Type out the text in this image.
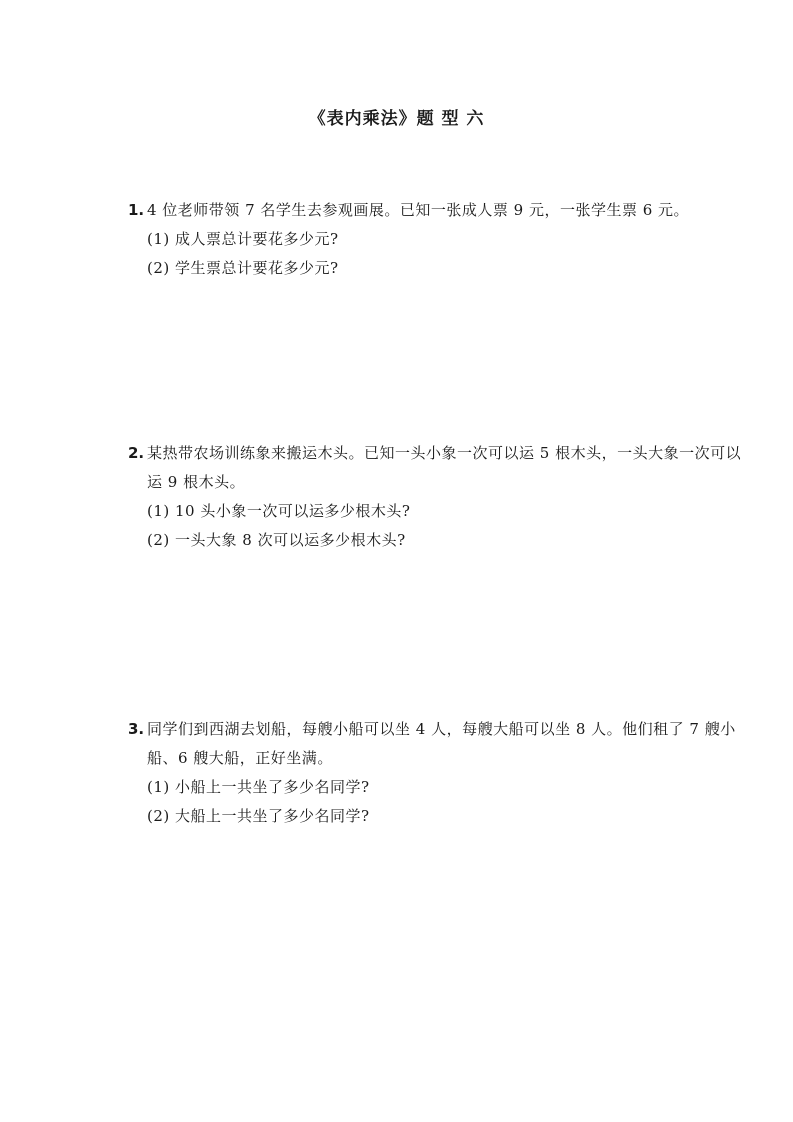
《表内乘法》题 型 六
1. 4 位老师带领 7 名学生去参观画展。已知一张成人票 9 元，一张学生票 6 元。
(1) 成人票总计要花多少元?
(2) 学生票总计要花多少元?
2. 某热带农场训练象来搬运木头。已知一头小象一次可以运 5 根木头，一头大象一次可以运 9 根木头。
(1) 10 头小象一次可以运多少根木头?
(2) 一头大象 8 次可以运多少根木头?
3. 同学们到西湖去划船，每艘小船可以坐 4 人，每艘大船可以坐 8 人。他们租了 7 艘小船、6 艘大船，正好坐满。
(1) 小船上一共坐了多少名同学?
(2) 大船上一共坐了多少名同学?
